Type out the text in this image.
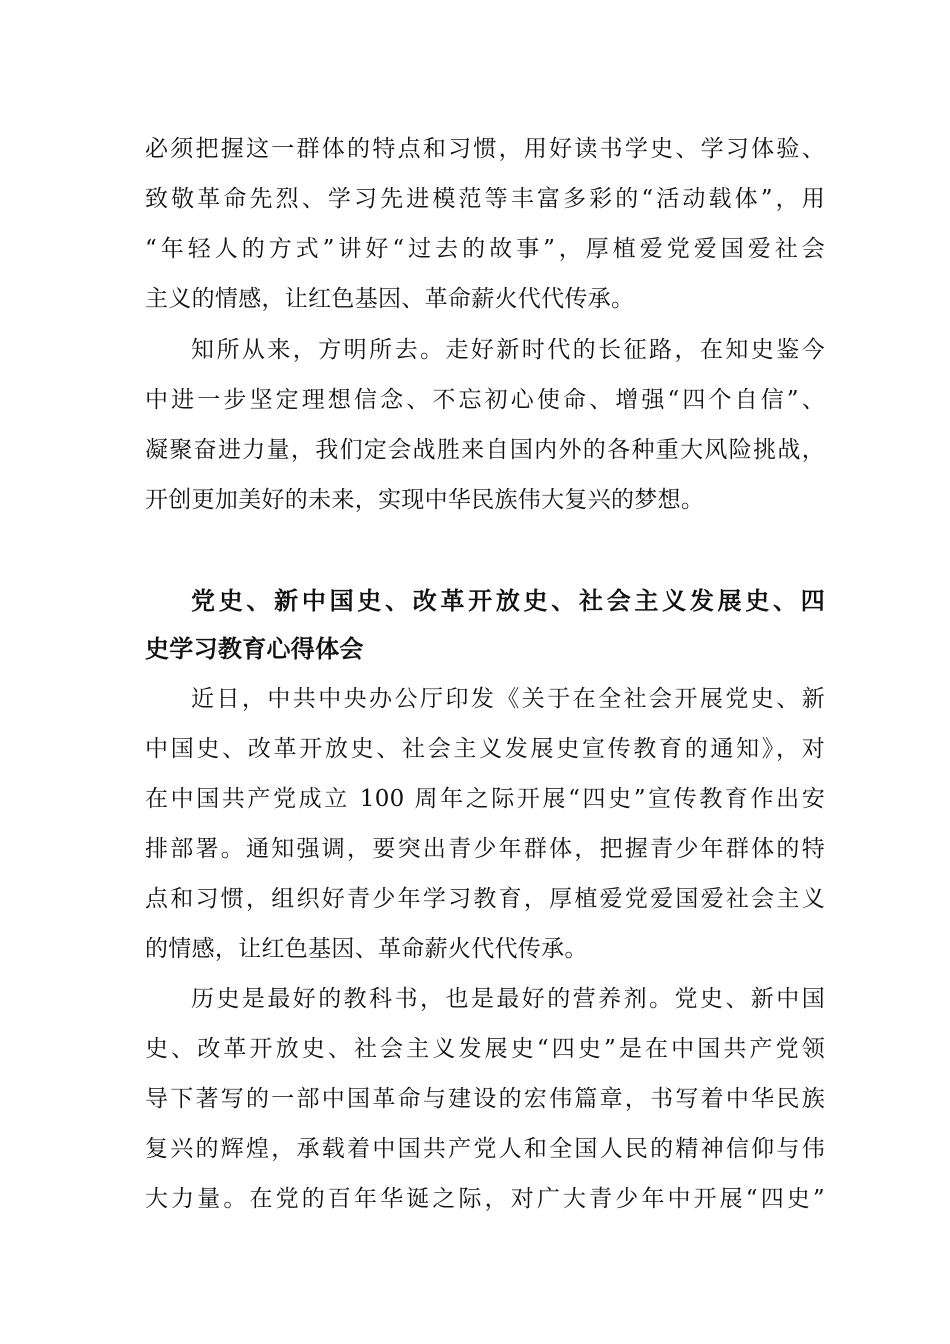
必须把握这一群体的特点和习惯，用好读书学史、学习体验、
致敬革命先烈、学习先进模范等丰富多彩的“活动载体”，用
“年轻人的方式”讲好“过去的故事”，厚植爱党爱国爱社会
主义的情感，让红色基因、革命薪火代代传承。
知所从来，方明所去。走好新时代的长征路，在知史鉴今
中进一步坚定理想信念、不忘初心使命、增强“四个自信”、
凝聚奋进力量，我们定会战胜来自国内外的各种重大风险挑战，
开创更加美好的未来，实现中华民族伟大复兴的梦想。
党史、新中国史、改革开放史、社会主义发展史、四
史学习教育心得体会
近日，中共中央办公厅印发《关于在全社会开展党史、新
中国史、改革开放史、社会主义发展史宣传教育的通知》，对
在中国共产党成立 100 周年之际开展“四史”宣传教育作出安
排部署。通知强调，要突出青少年群体，把握青少年群体的特
点和习惯，组织好青少年学习教育，厚植爱党爱国爱社会主义
的情感，让红色基因、革命薪火代代传承。
历史是最好的教科书，也是最好的营养剂。党史、新中国
史、改革开放史、社会主义发展史“四史”是在中国共产党领
导下著写的一部中国革命与建设的宏伟篇章，书写着中华民族
复兴的辉煌，承载着中国共产党人和全国人民的精神信仰与伟
大力量。在党的百年华诞之际，对广大青少年中开展“四史”
